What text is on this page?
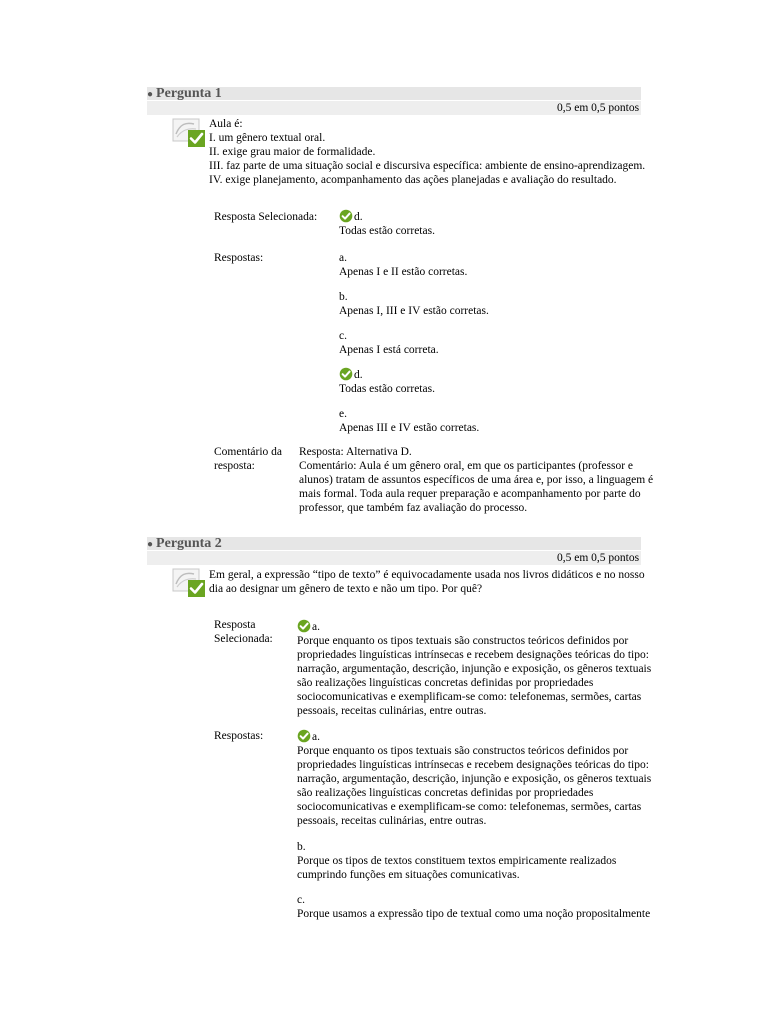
● Pergunta 1
0,5 em 0,5 pontos
Aula é:
I. um gênero textual oral.
II. exige grau maior de formalidade.
III. faz parte de uma situação social e discursiva específica: ambiente de ensino-aprendizagem.
IV. exige planejamento, acompanhamento das ações planejadas e avaliação do resultado.
Resposta Selecionada:	d.
Todas estão corretas.
Respostas:	a.
Apenas I e II estão corretas.
b.
Apenas I, III e IV estão corretas.
c.
Apenas I está correta.
d.
Todas estão corretas.
e.
Apenas III e IV estão corretas.
Comentário da
resposta:
Resposta: Alternativa D.
Comentário: Aula é um gênero oral, em que os participantes (professor e
alunos) tratam de assuntos específicos de uma área e, por isso, a linguagem é
mais formal. Toda aula requer preparação e acompanhamento por parte do
professor, que também faz avaliação do processo.
● Pergunta 2
0,5 em 0,5 pontos
Em geral, a expressão “tipo de texto” é equivocadamente usada nos livros didáticos e no nosso
dia ao designar um gênero de texto e não um tipo. Por quê?
Resposta
Selecionada:
a.
Porque enquanto os tipos textuais são constructos teóricos definidos por
propriedades linguísticas intrínsecas e recebem designações teóricas do tipo:
narração, argumentação, descrição, injunção e exposição, os gêneros textuais
são realizações linguísticas concretas definidas por propriedades
sociocomunicativas e exemplificam-se como: telefonemas, sermões, cartas
pessoais, receitas culinárias, entre outras.
Respostas:	a.
Porque enquanto os tipos textuais são constructos teóricos definidos por
propriedades linguísticas intrínsecas e recebem designações teóricas do tipo:
narração, argumentação, descrição, injunção e exposição, os gêneros textuais
são realizações linguísticas concretas definidas por propriedades
sociocomunicativas e exemplificam-se como: telefonemas, sermões, cartas
pessoais, receitas culinárias, entre outras.
b.
Porque os tipos de textos constituem textos empiricamente realizados
cumprindo funções em situações comunicativas.
c.
Porque usamos a expressão tipo de textual como uma noção propositalmente
